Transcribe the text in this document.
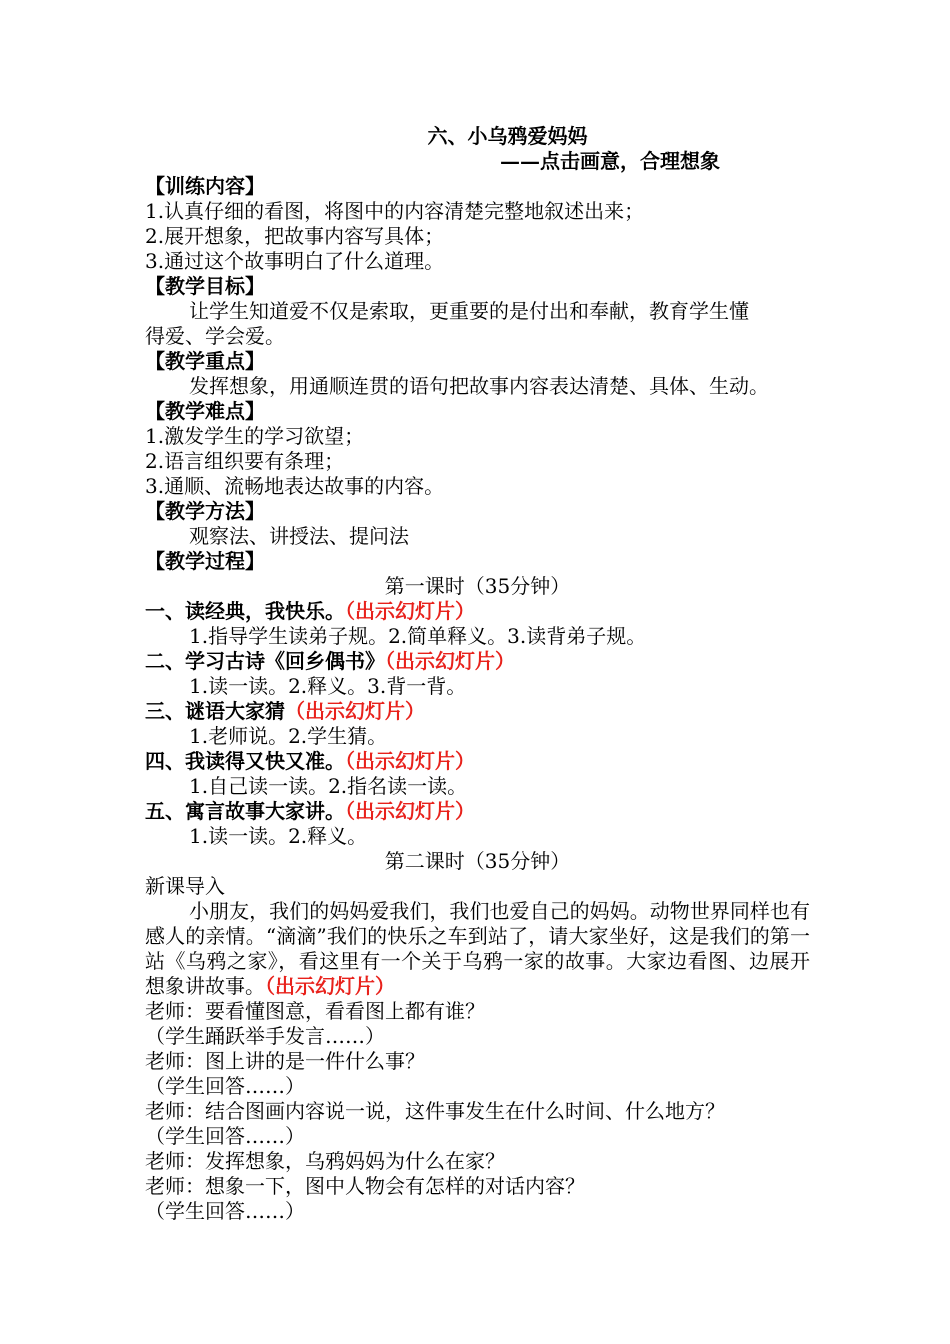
六、小乌鸦爱妈妈
——点击画意，合理想象
【训练内容】
1.认真仔细的看图，将图中的内容清楚完整地叙述出来；
2.展开想象，把故事内容写具体；
3.通过这个故事明白了什么道理。
【教学目标】
让学生知道爱不仅是索取，更重要的是付出和奉献，教育学生懂
得爱、学会爱。
【教学重点】
发挥想象，用通顺连贯的语句把故事内容表达清楚、具体、生动。
【教学难点】
1.激发学生的学习欲望；
2.语言组织要有条理；
3.通顺、流畅地表达故事的内容。
【教学方法】
观察法、讲授法、提问法
【教学过程】
第一课时（35分钟）
一、读经典，我快乐。（出示幻灯片）
1.指导学生读弟子规。2.简单释义。3.读背弟子规。
二、学习古诗《回乡偶书》（出示幻灯片）
1.读一读。2.释义。3.背一背。
三、谜语大家猜（出示幻灯片）
1.老师说。2.学生猜。
四、我读得又快又准。（出示幻灯片）
1.自己读一读。2.指名读一读。
五、寓言故事大家讲。（出示幻灯片）
1.读一读。2.释义。
第二课时（35分钟）
新课导入
小朋友，我们的妈妈爱我们，我们也爱自己的妈妈。动物世界同样也有感人的亲情。“滴滴”我们的快乐之车到站了，请大家坐好，这是我们的第一站《乌鸦之家》，看这里有一个关于乌鸦一家的故事。大家边看图、边展开想象讲故事。（出示幻灯片）
老师：要看懂图意，看看图上都有谁？
（学生踊跃举手发言……）
老师：图上讲的是一件什么事？
（学生回答……）
老师：结合图画内容说一说，这件事发生在什么时间、什么地方？
（学生回答……）
老师：发挥想象，乌鸦妈妈为什么在家？
老师：想象一下，图中人物会有怎样的对话内容？
（学生回答……）
